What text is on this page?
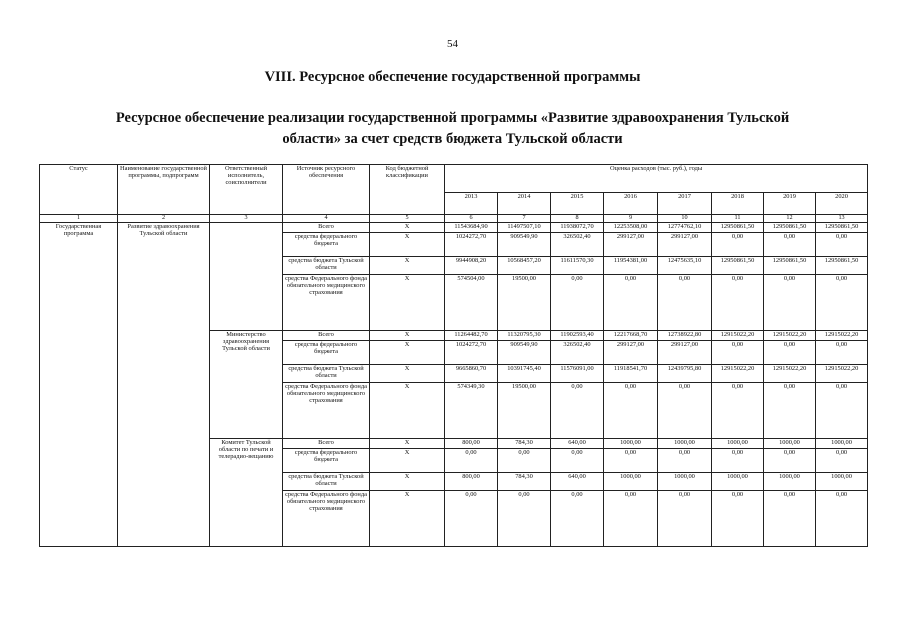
54
VIII. Ресурсное обеспечение государственной программы
Ресурсное обеспечение реализации государственной программы «Развитие здравоохранения Тульской
области» за счет средств бюджета Тульской области
Статус	Наименование государственной программы, подпрограмм	Ответственный исполнитель, соисполнители	Источник ресурсного обеспечения	Код бюджетной классификации	Оценка расходов (тыс. руб.), годы							
					2013	2014	2015	2016	2017	2018	2019	2020
1	2	3	4	5	6	7	8	9	10	11	12	13
Государственная программа	Развитие здравоохранения Тульской области		Всего	X	11543684,90	11497507,10	11938072,70	12253508,00	12774762,10	12950861,50	12950861,50	12950861,50
			средства федерального бюджета	X	1024272,70	909549,90	326502,40	299127,00	299127,00	0,00	0,00	0,00
			средства бюджета Тульской области	X	9944908,20	10568457,20	11611570,30	11954381,00	12475635,10	12950861,50	12950861,50	12950861,50
			средства Федерального фонда обязательного медицинского страхования	X	574504,00	19500,00	0,00	0,00	0,00	0,00	0,00	0,00
		Министерство здравоохранения Тульской области	Всего	X	11264482,70	11320795,30	11902593,40	12217668,70	12738922,80	12915022,20	12915022,20	12915022,20
			средства федерального бюджета	X	1024272,70	909549,90	326502,40	299127,00	299127,00	0,00	0,00	0,00
			средства бюджета Тульской области	X	9665860,70	10391745,40	11576091,00	11918541,70	12439795,80	12915022,20	12915022,20	12915022,20
			средства Федерального фонда обязательного медицинского страхования	X	574349,30	19500,00	0,00	0,00	0,00	0,00	0,00	0,00
		Комитет Тульской области по печати и телерадио-вещанию	Всего	X	800,00	784,30	640,00	1000,00	1000,00	1000,00	1000,00	1000,00
			средства федерального бюджета	X	0,00	0,00	0,00	0,00	0,00	0,00	0,00	0,00
			средства бюджета Тульской области	X	800,00	784,30	640,00	1000,00	1000,00	1000,00	1000,00	1000,00
			средства Федерального фонда обязательного медицинского страхования	X	0,00	0,00	0,00	0,00	0,00	0,00	0,00	0,00
